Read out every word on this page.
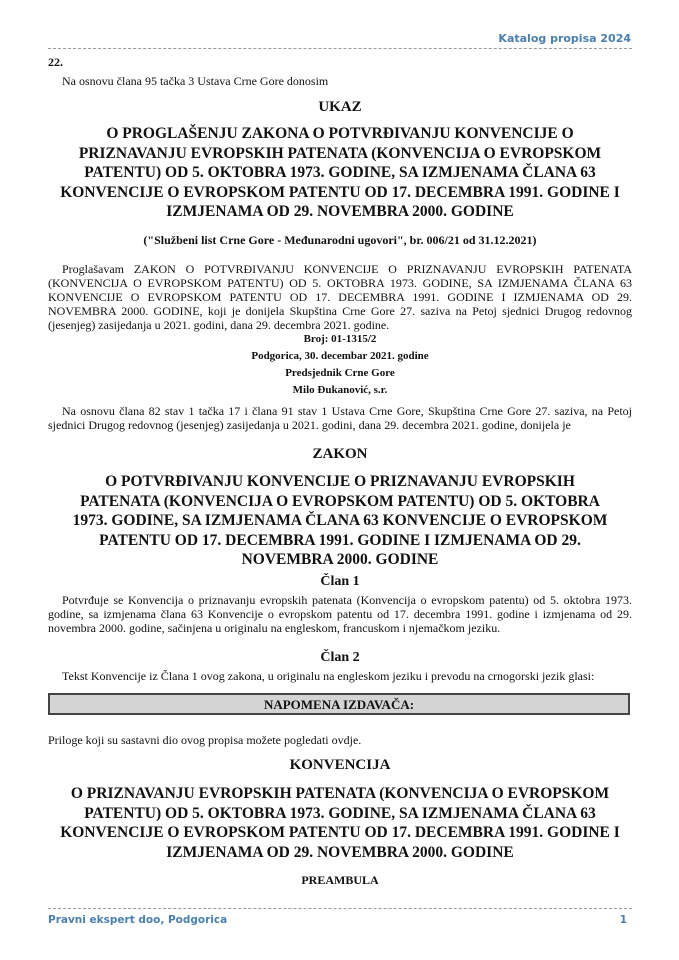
Katalog propisa 2024
22.
Na osnovu člana 95 tačka 3 Ustava Crne Gore donosim
UKAZ
O PROGLAŠENJU ZAKONA O POTVRĐIVANJU KONVENCIJE O PRIZNAVANJU EVROPSKIH PATENATA (KONVENCIJA O EVROPSKOM PATENTU) OD 5. OKTOBRA 1973. GODINE, SA IZMJENAMA ČLANA 63 KONVENCIJE O EVROPSKOM PATENTU OD 17. DECEMBRA 1991. GODINE I IZMJENAMA OD 29. NOVEMBRA 2000. GODINE
("Službeni list Crne Gore - Međunarodni ugovori", br. 006/21 od 31.12.2021)
Proglašavam ZAKON O POTVRĐIVANJU KONVENCIJE O PRIZNAVANJU EVROPSKIH PATENATA (KONVENCIJA O EVROPSKOM PATENTU) OD 5. OKTOBRA 1973. GODINE, SA IZMJENAMA ČLANA 63 KONVENCIJE O EVROPSKOM PATENTU OD 17. DECEMBRA 1991. GODINE I IZMJENAMA OD 29. NOVEMBRA 2000. GODINE, koji je donijela Skupština Crne Gore 27. saziva na Petoj sjednici Drugog redovnog (jesenjeg) zasijedanja u 2021. godini, dana 29. decembra 2021. godine.
Broj: 01-1315/2
Podgorica, 30. decembar 2021. godine
Predsjednik Crne Gore
Milo Đukanović, s.r.
Na osnovu člana 82 stav 1 tačka 17 i člana 91 stav 1 Ustava Crne Gore, Skupština Crne Gore 27. saziva, na Petoj sjednici Drugog redovnog (jesenjeg) zasijedanja u 2021. godini, dana 29. decembra 2021. godine, donijela je
ZAKON
O POTVRĐIVANJU KONVENCIJE O PRIZNAVANJU EVROPSKIH PATENATA (KONVENCIJA O EVROPSKOM PATENTU) OD 5. OKTOBRA 1973. GODINE, SA IZMJENAMA ČLANA 63 KONVENCIJE O EVROPSKOM PATENTU OD 17. DECEMBRA 1991. GODINE I IZMJENAMA OD 29. NOVEMBRA 2000. GODINE
Član 1
Potvrđuje se Konvencija o priznavanju evropskih patenata (Konvencija o evropskom patentu) od 5. oktobra 1973. godine, sa izmjenama člana 63 Konvencije o evropskom patentu od 17. decembra 1991. godine i izmjenama od 29. novembra 2000. godine, sačinjena u originalu na engleskom, francuskom i njemačkom jeziku.
Član 2
Tekst Konvencije iz Člana 1 ovog zakona, u originalu na engleskom jeziku i prevodu na crnogorski jezik glasi:
NAPOMENA IZDAVAČA:
Priloge koji su sastavni dio ovog propisa možete pogledati ovdje.
KONVENCIJA
O PRIZNAVANJU EVROPSKIH PATENATA (KONVENCIJA O EVROPSKOM PATENTU) OD 5. OKTOBRA 1973. GODINE, SA IZMJENAMA ČLANA 63 KONVENCIJE O EVROPSKOM PATENTU OD 17. DECEMBRA 1991. GODINE I IZMJENAMA OD 29. NOVEMBRA 2000. GODINE
PREAMBULA
Pravni ekspert doo, Podgorica	1
